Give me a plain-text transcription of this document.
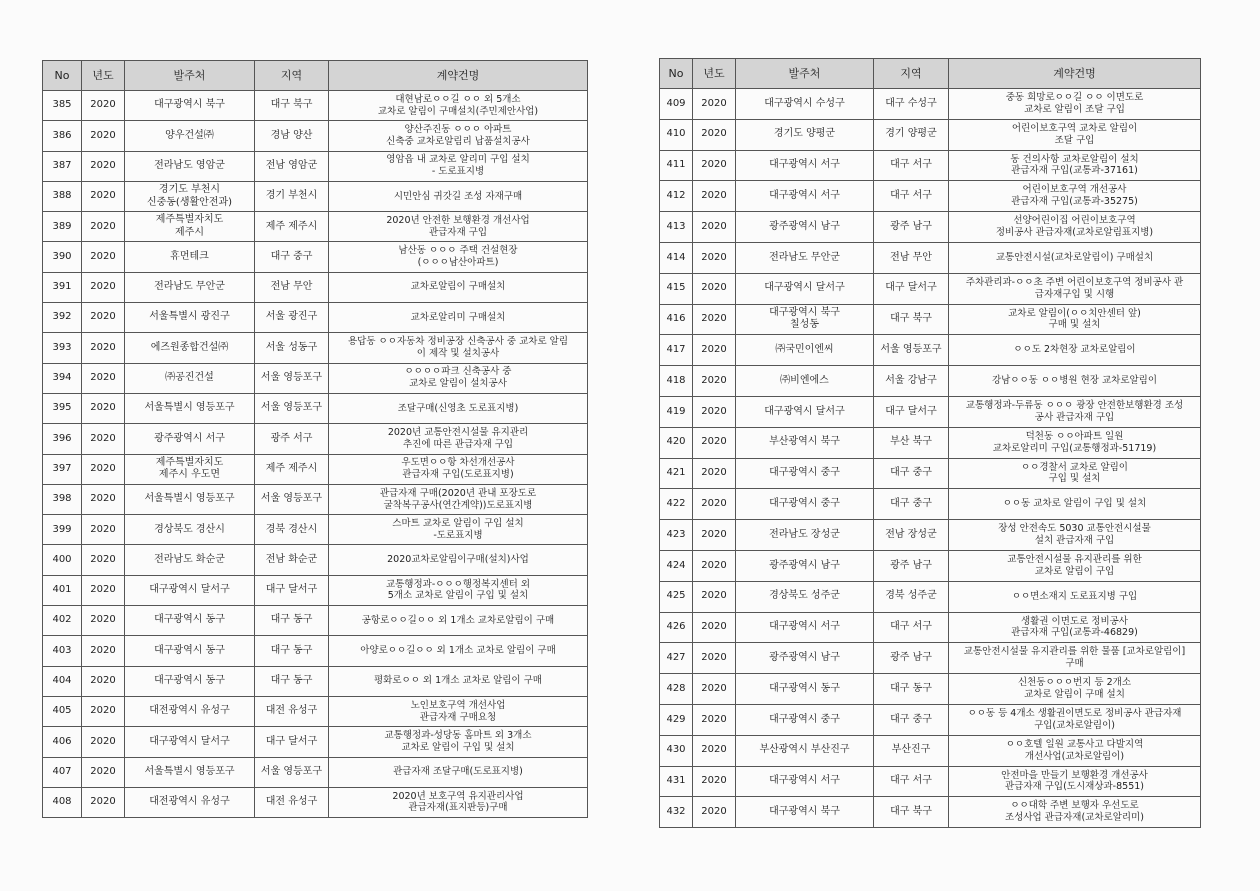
No	년도	발주처	지역	계약건명
385	2020	대구광역시 북구	대구 북구	대현남로ㅇㅇ길 ㅇㅇ 외 5개소
교차로 알림이 구매설치(주민제안사업)
386	2020	양우건설㈜	경남 양산	양산주진동 ㅇㅇㅇ 아파트
신축중 교차로알림리 납품설치공사
387	2020	전라남도 영암군	전남 영암군	영암읍 내 교차로 알리미 구입 설치
- 도로표지병
388	2020	경기도 부천시
신중동(생활안전과)	경기 부천시	시민안심 귀갓길 조성 자재구매
389	2020	제주특별자치도
제주시	제주 제주시	2020년 안전한 보행환경 개선사업
관급자재 구입
390	2020	휴먼테크	대구 중구	남산동 ㅇㅇㅇ 주택 건설현장
(ㅇㅇㅇ남산아파트)
391	2020	전라남도 무안군	전남 무안	교차로알림이 구매설치
392	2020	서울특별시 광진구	서울 광진구	교차로알리미 구매설치
393	2020	에즈원종합건설㈜	서울 성동구	용답동 ㅇㅇ자동차 정비공장 신축공사 중 교차로 알림
이 제작 및 설치공사
394	2020	㈜공진건설	서울 영등포구	ㅇㅇㅇㅇ파크 신축공사 중
교차로 알림이 설치공사
395	2020	서울특별시 영등포구	서울 영등포구	조달구매(신영초 도로표지병)
396	2020	광주광역시 서구	광주 서구	2020년 교통안전시설물 유지관리
추진에 따른 관급자재 구입
397	2020	제주특별자치도
제주시 우도면	제주 제주시	우도면ㅇㅇ항 차선개선공사
관급자재 구입(도로표지병)
398	2020	서울특별시 영등포구	서울 영등포구	관급자재 구매(2020년 관내 포장도로
굴착복구공사(연간계약))도로표지병
399	2020	경상북도 경산시	경북 경산시	스마트 교차로 알림이 구입 설치
-도로표지병
400	2020	전라남도 화순군	전남 화순군	2020교차로알림이구매(설치)사업
401	2020	대구광역시 달서구	대구 달서구	교통행정과-ㅇㅇㅇ행정복지센터 외
5개소 교차로 알림이 구입 및 설치
402	2020	대구광역시 동구	대구 동구	공항로ㅇㅇ길ㅇㅇ 외 1개소 교차로알림이 구매
403	2020	대구광역시 동구	대구 동구	아양로ㅇㅇ길ㅇㅇ 외 1개소 교차로 알림이 구매
404	2020	대구광역시 동구	대구 동구	평화로ㅇㅇ 외 1개소 교차로 알림이 구매
405	2020	대전광역시 유성구	대전 유성구	노인보호구역 개선사업
관급자재 구매요청
406	2020	대구광역시 달서구	대구 달서구	교통행정과-성당동 홈마트 외 3개소
교차로 알림이 구입 및 설치
407	2020	서울특별시 영등포구	서울 영등포구	관급자재 조달구매(도로표지병)
408	2020	대전광역시 유성구	대전 유성구	2020년 보호구역 유지관리사업
관급자재(표지판등)구매
No	년도	발주처	지역	계약건명
409	2020	대구광역시 수성구	대구 수성구	중동 희망로ㅇㅇ길 ㅇㅇ 이면도로
교차로 알림이 조달 구입
410	2020	경기도 양평군	경기 양평군	어린이보호구역 교차로 알림이
조달 구입
411	2020	대구광역시 서구	대구 서구	동 건의사항 교차로알림이 설치
관급자재 구입(교통과-37161)
412	2020	대구광역시 서구	대구 서구	어린이보호구역 개선공사
관급자재 구입(교통과-35275)
413	2020	광주광역시 남구	광주 남구	선양어린이집 어린이보호구역
정비공사 관급자재(교차로알림표지병)
414	2020	전라남도 무안군	전남 무안	교통안전시설(교차로알림이) 구매설치
415	2020	대구광역시 달서구	대구 달서구	주차관리과-ㅇㅇ초 주변 어린이보호구역 정비공사 관
급자재구입 및 시행
416	2020	대구광역시 북구
칠성동	대구 북구	교차로 알림이(ㅇㅇ치안센터 앞)
구매 및 설치
417	2020	㈜국민이엔씨	서울 영등포구	ㅇㅇ도 2차현장 교차로알림이
418	2020	㈜비엔에스	서울 강남구	강남ㅇㅇ동 ㅇㅇ병원 현장 교차로알림이
419	2020	대구광역시 달서구	대구 달서구	교통행정과-두류동 ㅇㅇㅇ 광장 안전한보행환경 조성
공사 관급자재 구입
420	2020	부산광역시 북구	부산 북구	덕천동 ㅇㅇ아파트 일원
교차로알리미 구입(교통행정과-51719)
421	2020	대구광역시 중구	대구 중구	ㅇㅇ경찰서 교차로 알림이
구입 및 설치
422	2020	대구광역시 중구	대구 중구	ㅇㅇ동 교차로 알림이 구입 및 설치
423	2020	전라남도 장성군	전남 장성군	장성 안전속도 5030 교통안전시설물
설치 관급자재 구입
424	2020	광주광역시 남구	광주 남구	교통안전시설물 유지관리를 위한
교차로 알림이 구입
425	2020	경상북도 성주군	경북 성주군	ㅇㅇ면소재지 도로표지병 구입
426	2020	대구광역시 서구	대구 서구	생활권 이면도로 정비공사
관급자재 구입(교통과-46829)
427	2020	광주광역시 남구	광주 남구	교통안전시설물 유지관리를 위한 물품 [교차로알림이]
구매
428	2020	대구광역시 동구	대구 동구	신천동ㅇㅇㅇ번지 등 2개소
교차로 알림이 구매 설치
429	2020	대구광역시 중구	대구 중구	ㅇㅇ동 등 4개소 생활권이면도로 정비공사 관급자재
구입(교차로알림이)
430	2020	부산광역시 부산진구	부산진구	ㅇㅇ호텔 일원 교통사고 다발지역
개선사업(교차로알림이)
431	2020	대구광역시 서구	대구 서구	안전마을 만들기 보행환경 개선공사
관급자재 구입(도시재상과-8551)
432	2020	대구광역시 북구	대구 북구	ㅇㅇ대학 주변 보행자 우선도로
조성사업 관급자재(교차로알리미)
